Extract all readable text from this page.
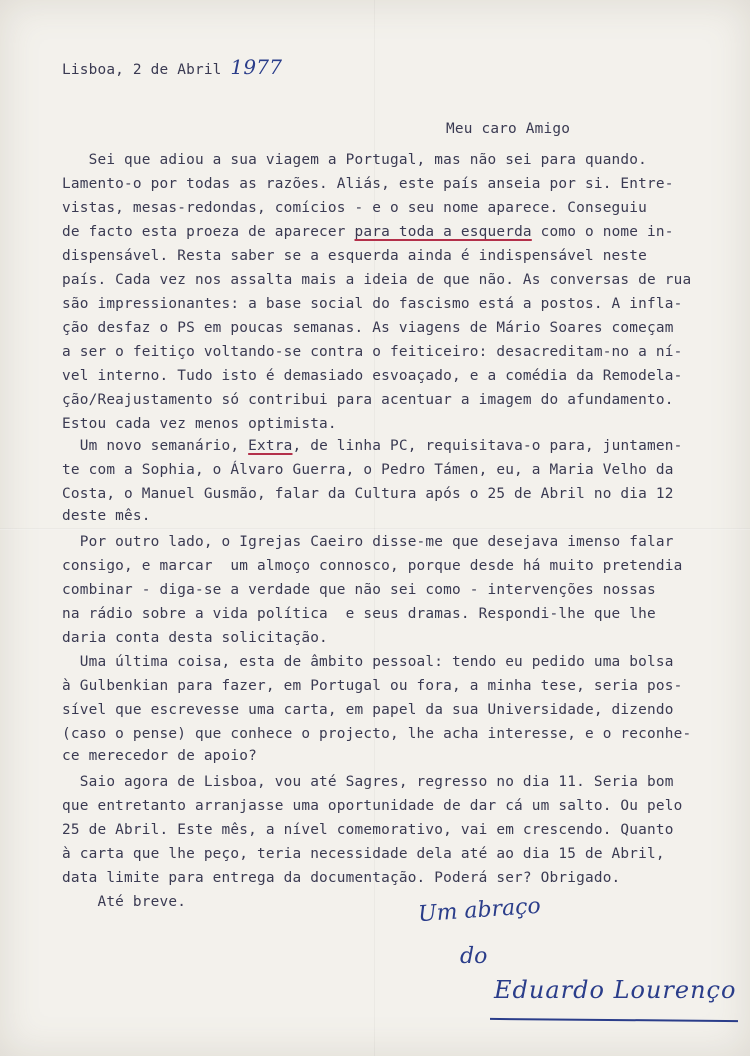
Lisboa, 2 de Abril 1977
Meu caro Amigo
Sei que adiou a sua viagem a Portugal, mas não sei para quando.
Lamento-o por todas as razões. Aliás, este país anseia por si. Entre-
vistas, mesas-redondas, comícios - e o seu nome aparece. Conseguiu
de facto esta proeza de aparecer para toda a esquerda como o nome in-
dispensável. Resta saber se a esquerda ainda é indispensável neste
país. Cada vez nos assalta mais a ideia de que não. As conversas de rua
são impressionantes: a base social do fascismo está a postos. A infla-
ção desfaz o PS em poucas semanas. As viagens de Mário Soares começam
a ser o feitiço voltando-se contra o feiticeiro: desacreditam-no a ní-
vel interno. Tudo isto é demasiado esvoaçado, e a comédia da Remodela-
ção/Reajustamento só contribui para acentuar a imagem do afundamento.
Estou cada vez menos optimista.
Um novo semanário, Extra, de linha PC, requisitava-o para, juntamen-
te com a Sophia, o Álvaro Guerra, o Pedro Támen, eu, a Maria Velho da
Costa, o Manuel Gusmão, falar da Cultura após o 25 de Abril no dia 12
deste mês.
Por outro lado, o Igrejas Caeiro disse-me que desejava imenso falar
consigo, e marcar  um almoço connosco, porque desde há muito pretendia
combinar - diga-se a verdade que não sei como - intervenções nossas
na rádio sobre a vida política  e seus dramas. Respondi-lhe que lhe
daria conta desta solicitação.
Uma última coisa, esta de âmbito pessoal: tendo eu pedido uma bolsa
à Gulbenkian para fazer, em Portugal ou fora, a minha tese, seria pos-
sível que escrevesse uma carta, em papel da sua Universidade, dizendo
(caso o pense) que conhece o projecto, lhe acha interesse, e o reconhe-
ce merecedor de apoio?
Saio agora de Lisboa, vou até Sagres, regresso no dia 11. Seria bom
que entretanto arranjasse uma oportunidade de dar cá um salto. Ou pelo
25 de Abril. Este mês, a nível comemorativo, vai em crescendo. Quanto
à carta que lhe peço, teria necessidade dela até ao dia 15 de Abril,
data limite para entrega da documentação. Poderá ser? Obrigado.
Até breve.	Um abraço
do
Eduardo Lourenço
